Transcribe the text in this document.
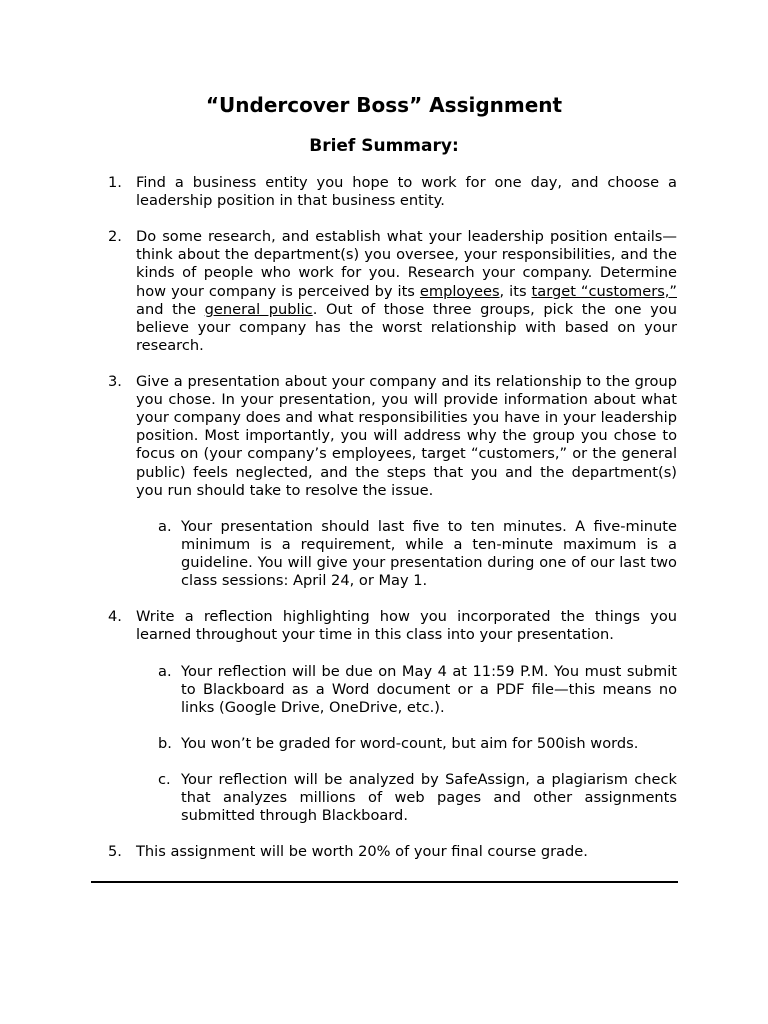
“Undercover Boss” Assignment
Brief Summary:
1. Find a business entity you hope to work for one day, and choose a leadership position in that business entity.
2. Do some research, and establish what your leadership position entails—think about the department(s) you oversee, your responsibilities, and the kinds of people who work for you. Research your company. Determine how your company is perceived by its employees, its target “customers,” and the general public. Out of those three groups, pick the one you believe your company has the worst relationship with based on your research.
3. Give a presentation about your company and its relationship to the group you chose. In your presentation, you will provide information about what your company does and what responsibilities you have in your leadership position. Most importantly, you will address why the group you chose to focus on (your company’s employees, target “customers,” or the general public) feels neglected, and the steps that you and the department(s) you run should take to resolve the issue.
a. Your presentation should last five to ten minutes. A five-minute minimum is a requirement, while a ten-minute maximum is a guideline. You will give your presentation during one of our last two class sessions: April 24, or May 1.
4. Write a reflection highlighting how you incorporated the things you learned throughout your time in this class into your presentation.
a. Your reflection will be due on May 4 at 11:59 P.M. You must submit to Blackboard as a Word document or a PDF file—this means no links (Google Drive, OneDrive, etc.).
b. You won’t be graded for word-count, but aim for 500ish words.
c. Your reflection will be analyzed by SafeAssign, a plagiarism check that analyzes millions of web pages and other assignments submitted through Blackboard.
5. This assignment will be worth 20% of your final course grade.
